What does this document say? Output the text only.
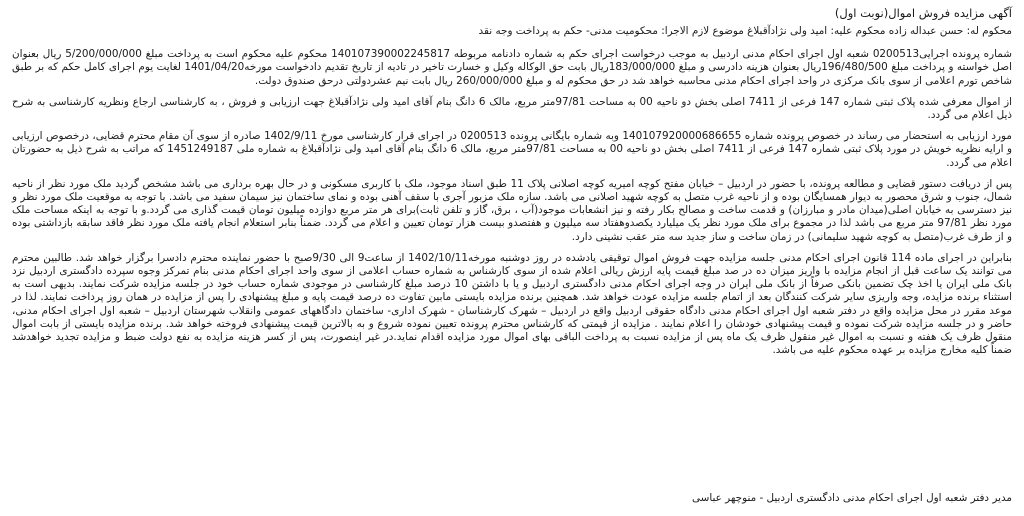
آگهی مزایده فروش اموال(نوبت اول)

محکوم له: حسن عبداله زاده محکوم علیه: امید ولی نژادآقبلاغ موضوع لازم الاجرا: محکومیت مدنی- حکم به پرداخت وجه نقد

شماره پرونده اجرایی0200513 شعبه اول اجرای احکام مدنی اردبیل به موجب درخواست اجرای حکم به شماره دادنامه مربوطه 140107390002245817 محکوم علیه محکوم است به پرداخت مبلغ 5/200/000/000 ریال بعنوان اصل خواسته و پرداخت مبلغ 196/480/500ریال بعنوان هزینه دادرسی و مبلغ 183/000/000ریال بابت حق الوکاله وکیل و خسارت تاخیر در تادیه از تاریخ تقدیم دادخواست مورخه1401/04/20 لغایت یوم اجرای کامل حکم که بر طبق شاخص تورم اعلامی از سوی بانک مرکزی در واحد اجرای احکام مدنی محاسبه خواهد شد در حق محکوم له و مبلغ 260/000/000 ریال بابت نیم عشردولتی درحق صندوق دولت.

از اموال معرفی شده پلاک ثبتی شماره 147 فرعی از 7411 اصلی بخش دو ناحیه 00 به مساحت 97/81متر مربع، مالک 6 دانگ بنام آقای امید ولی نژادآقبلاغ جهت ارزیابی و فروش ، به کارشناسی ارجاع ونظریه کارشناسی به شرح ذیل اعلام می گردد.

مورد ارزیابی به استحضار می رساند در خصوص پرونده شماره 140107920000686655 وبه شماره بایگانی پرونده 0200513 در اجرای قرار کارشناسی مورخ 1402/9/11 صادره از سوی آن مقام محترم قضایی، درخصوص ارزیابی و ارایه نظریه خویش در مورد پلاک ثبتی شماره 147 فرعی از 7411 اصلی بخش دو ناحیه 00 به مساحت 97/81متر مربع، مالک 6 دانگ بنام آقای امید ولی نژادآقبلاغ به شماره ملی 1451249187 که مراتب به شرح ذیل به حضورتان اعلام می گردد.

پس از دریافت دستور قضایی و مطالعه پرونده، با حضور در اردبیل – خیابان مفتح کوچه امیریه کوچه اصلانی پلاک 11 طبق اسناد موجود، ملک با کاربری مسکونی و در حال بهره برداری می باشد مشخص گردید ملک مورد نظر از ناحیه شمال، جنوب و شرق محصور به دیوار همسایگان بوده و از ناحیه غرب متصل به کوچه شهید اصلانی می باشد. سازه ملک مزبور آجری با سقف آهنی بوده و نمای ساختمان نیز سیمان سفید می باشد. با توجه به موقعیت ملک مورد نظر و نیز دسترسی به خیابان اصلی(میدان مادر و مبارزان) و قدمت ساخت و مصالح بکار رفته و نیز انشعابات موجود(آب ، برق، گاز و تلفن ثابت)برای هر متر مربع دوازده میلیون تومان قیمت گذاری می گردد.و با توجه به اینکه مساحت ملک مورد نظر 97/81 متر مربع می باشد لذا در مجموع برای ملک مورد نظر یک میلیارد یکصدوهفتاد سه میلیون و هفتصدو بیست هزار تومان تعیین و اعلام می گردد. ضمناً بنابر استعلام انجام یافته ملک مورد نظر فاقد سابقه بازداشتی بوده و از طرف غرب(متصل به کوچه شهید سلیمانی) در زمان ساخت و ساز جدید سه متر عقب نشینی دارد.

بنابراین در اجرای ماده 114 قانون اجرای احکام مدنی جلسه مزایده جهت فروش اموال توقیفی یادشده در روز دوشنبه مورخه1402/10/11 از ساعت9 الی 9/30صبح با حضور نماینده محترم دادسرا برگزار خواهد شد. طالبین محترم می توانند یک ساعت قبل از انجام مزایده با واریز میزان ده در صد مبلغ قیمت پایه ارزش ریالی اعلام شده از سوی کارشناس به شماره حساب اعلامی از سوی واحد اجرای احکام مدنی بنام تمرکز وجوه سپرده دادگستری اردبیل نزد بانک ملی ایران یا اخذ چک تضمین بانکی صرفاً از بانک ملی ایران در وجه اجرای احکام مدنی دادگستری اردبیل و یا با داشتن 10 درصد مبلغ کارشناسی در موجودی شماره حساب خود در جلسه مزایده شرکت نمایند. بدیهی است به استثناء برنده مزایده، وجه واریزی سایر شرکت کنندگان بعد از اتمام جلسه مزایده عودت خواهد شد. همچنین برنده مزایده بایستی مابین تفاوت ده درصد قیمت پایه و مبلغ پیشنهادی را پس از مزایده در همان روز پرداخت نمایند. لذا در موعد مقرر در محل مزایده واقع در دفتر شعبه اول اجرای احکام مدنی دادگاه حقوقی اردبیل واقع در اردبیل – شهرک کارشناسان - شهرک اداری- ساختمان دادگاههای عمومی وانقلاب شهرستان اردبیل – شعبه اول اجرای احکام مدنی، حاضر و در جلسه مزایده شرکت نموده و قیمت پیشنهادی خودشان را اعلام نمایند . مزایده از قیمتی که کارشناس محترم پرونده تعیین نموده شروع و به بالاترین قیمت پیشنهادی فروخته خواهد شد. برنده مزایده بایستی از بابت اموال منقول ظرف یک هفته و نسبت به اموال غیر منقول ظرف یک ماه پس از مزایده نسبت به پرداخت الباقی بهای اموال مورد مزایده اقدام نماید.در غیر اینصورت، پس از کسر هزینه مزایده به نفع دولت ضبط و مزایده تجدید خواهدشد ضمناً کلیه مخارج مزایده بر عهده محکوم علیه می باشد.

مدیر دفتر شعبه اول اجرای احکام مدنی دادگستری اردبیل - منوچهر عباسی
